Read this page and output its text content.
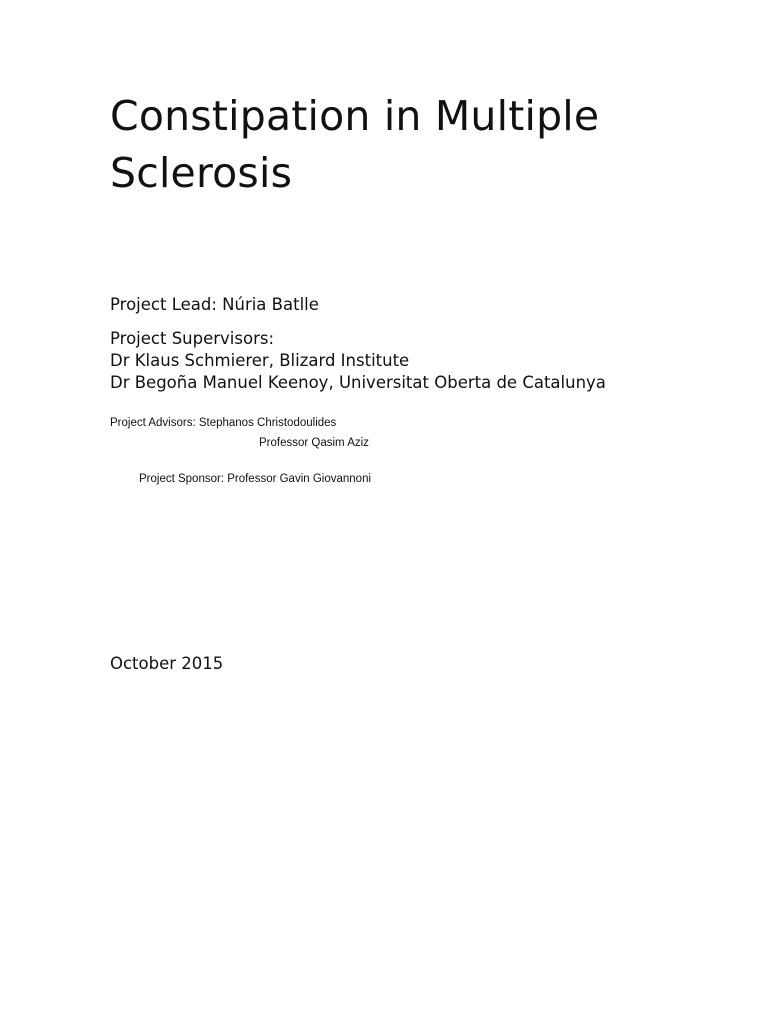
Constipation in Multiple
Sclerosis
Project Lead: Núria Batlle
Project Supervisors:
Dr Klaus Schmierer, Blizard Institute
Dr Begoña Manuel Keenoy, Universitat Oberta de Catalunya
Project Advisors: Stephanos Christodoulides
Professor Qasim Aziz
Project Sponsor: Professor Gavin Giovannoni
October 2015
